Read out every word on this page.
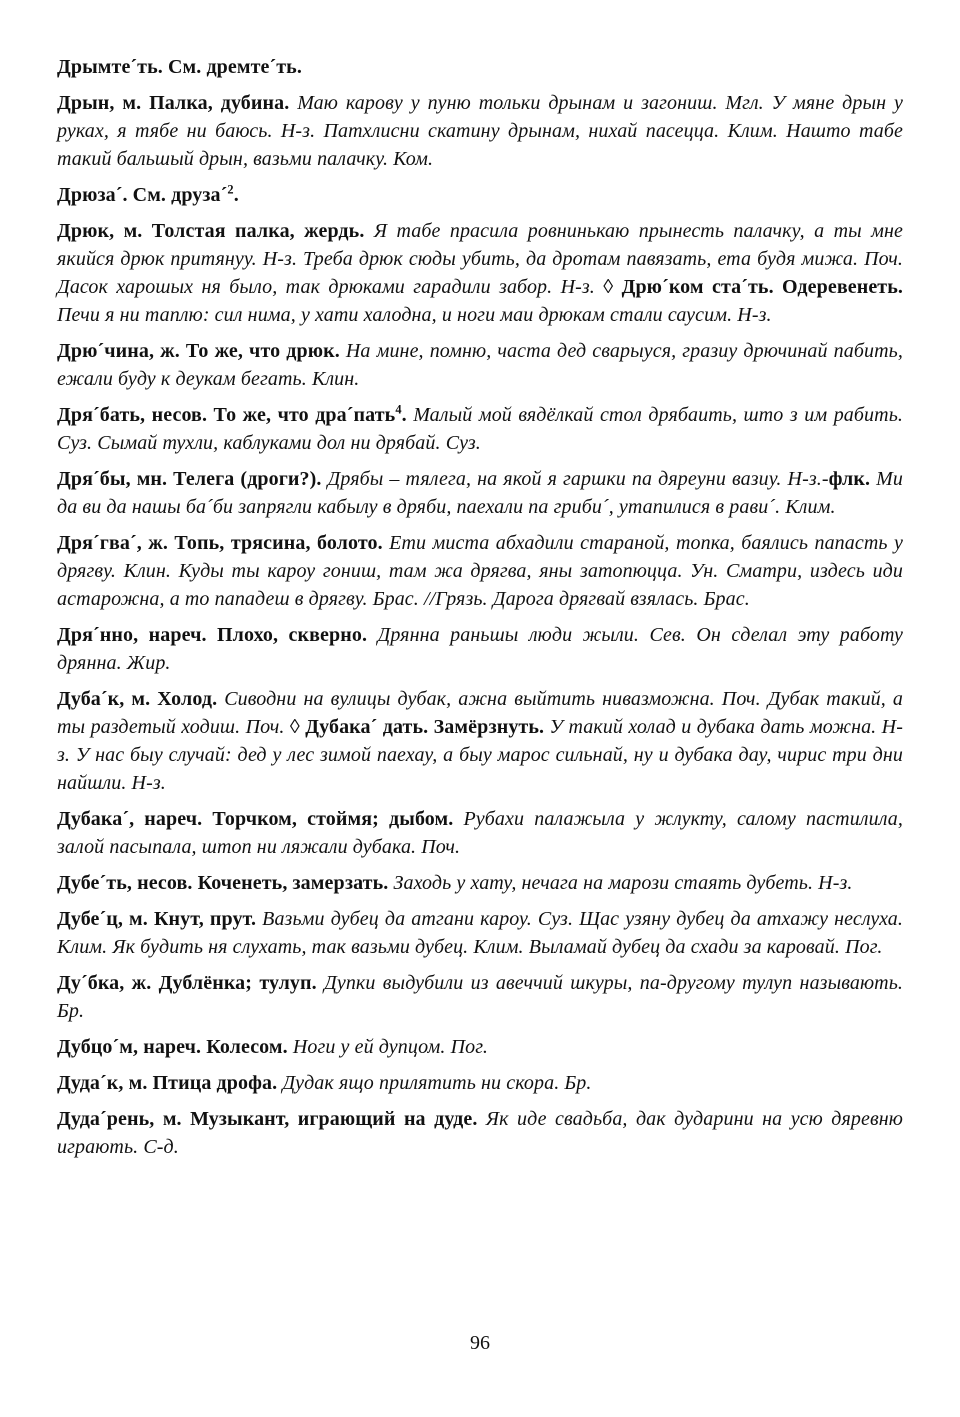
Дрымте´ть. См. дремте´ть.

Дрын, м. Палка, дубина. Маю карову у пуню тольки дрынам и загониш. Мгл. У мяне дрын у руках, я тябе ни баюсь. Н-з. Патхлисни скатину дрынам, нихай пасецца. Клим. Нашто табе такий бальшый дрын, вазьми палачку. Ком.

Дрюза´. См. друза´$^2$.

Дрюк, м. Толстая палка, жердь. Я табе прасила ровнинькаю прынесть палачку, а ты мне якийся дрюк притянуу. Н-з. Треба дрюк сюды убить, да дротам павязать, ета будя мижа. Поч. Дасок харошых ня было, так дрюками гарадили забор. Н-з. ◊ Дрю´ком ста´ть. Одеревенеть. Печи я ни таплю: сил нима, у хати халодна, и ноги маи дрюкам стали саусим. Н-з.

Дрю´чина, ж. То же, что дрюк. На мине, помню, часта дед сварыуся, гразиу дрючинай пабить, ежали буду к деукам бегать. Клин.

Дря´бать, несов. То же, что дра´пать$^4$. Малый мой вядёлкай стол дрябаить, што з им рабить. Суз. Сымай тухли, каблуками дол ни дрябай. Суз.

Дря´бы, мн. Телега (дроги?). Дрябы – тялега, на якой я гаршки па дяреуни вазиу. Н-з.-флк. Ми да ви да нашы ба´би запрягли кабылу в дряби, паехали па гриби´, утапилися в рави´. Клим.

Дря´гва´, ж. Топь, трясина, болото. Ети миста абхадили стараной, топка, баялись папасть у дрягву. Клин. Куды ты кароу гониш, там жа дрягва, яны затопюцца. Ун. Сматри, издесь иди астарожна, а то пападеш в дрягву. Брас. //Грязь. Дарога дрягвай взялась. Брас.

Дря´нно, нареч. Плохо, скверно. Дрянна раньшы люди жыли. Сев. Он сделал эту работу дрянна. Жир.

Дуба´к, м. Холод. Сиводни на вулицы дубак, ажна выйтить нивазможна. Поч. Дубак такий, а ты раздетый ходиш. Поч. ◊ Дубака´ дать. Замёрзнуть. У такий холад и дубака дать можна. Н-з. У нас быу случай: дед у лес зимой паехау, а быу марос сильнай, ну и дубака дау, чирис три дни найшли. Н-з.

Дубака´, нареч. Торчком, стоймя; дыбом. Рубахи палажыла у жлукту, салому пастилила, залой пасыпала, штоп ни ляжали дубака. Поч.

Дубе´ть, несов. Коченеть, замерзать. Заходь у хату, нечага на марози стаять дубеть. Н-з.

Дубе´ц, м. Кнут, прут. Вазьми дубец да атгани кароу. Суз. Щас узяну дубец да атхажу неслуха. Клим. Як будить ня слухать, так вазьми дубец. Клим. Выламай дубец да схади за каровай. Пог.

Ду´бка, ж. Дублёнка; тулуп. Дупки выдубили из авеччий шкуры, па-другому тулуп называють. Бр.

Дубцо´м, нареч. Колесом. Ноги у ей дупцом. Пог.

Дуда´к, м. Птица дрофа. Дудак ящо прилятить ни скора. Бр.

Дуда´рень, м. Музыкант, играющий на дуде. Як иде свадьба, дак дударини на усю дяревню играють. С-д.

96
